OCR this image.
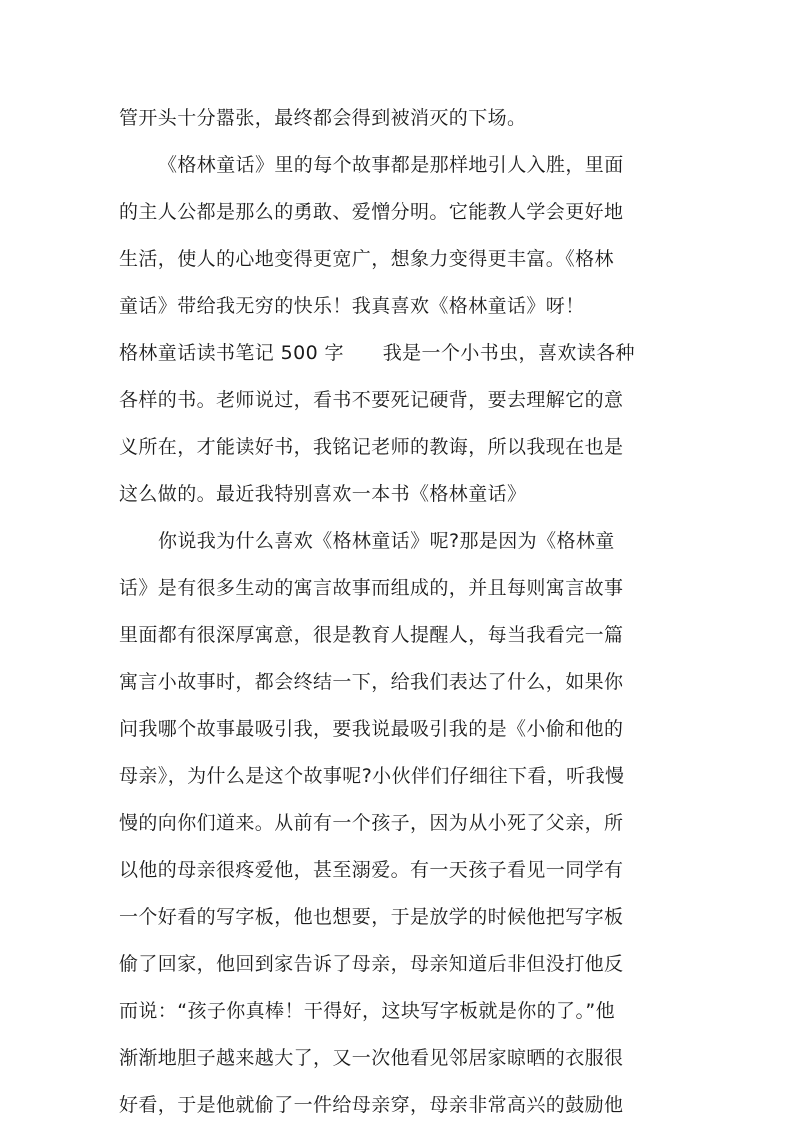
管开头十分嚣张，最终都会得到被消灭的下场。
《格林童话》里的每个故事都是那样地引人入胜，里面
的主人公都是那么的勇敢、爱憎分明。它能教人学会更好地
生活，使人的心地变得更宽广，想象力变得更丰富。《格林
童话》带给我无穷的快乐！我真喜欢《格林童话》呀！
格林童话读书笔记 500 字　　我是一个小书虫，喜欢读各种
各样的书。老师说过，看书不要死记硬背，要去理解它的意
义所在，才能读好书，我铭记老师的教诲，所以我现在也是
这么做的。最近我特别喜欢一本书《格林童话》
你说我为什么喜欢《格林童话》呢?那是因为《格林童
话》是有很多生动的寓言故事而组成的，并且每则寓言故事
里面都有很深厚寓意，很是教育人提醒人，每当我看完一篇
寓言小故事时，都会终结一下，给我们表达了什么，如果你
问我哪个故事最吸引我，要我说最吸引我的是《小偷和他的
母亲》，为什么是这个故事呢?小伙伴们仔细往下看，听我慢
慢的向你们道来。从前有一个孩子，因为从小死了父亲，所
以他的母亲很疼爱他，甚至溺爱。有一天孩子看见一同学有
一个好看的写字板，他也想要，于是放学的时候他把写字板
偷了回家，他回到家告诉了母亲，母亲知道后非但没打他反
而说：“孩子你真棒！干得好，这块写字板就是你的了。”他
渐渐地胆子越来越大了，又一次他看见邻居家晾晒的衣服很
好看，于是他就偷了一件给母亲穿，母亲非常高兴的鼓励他
